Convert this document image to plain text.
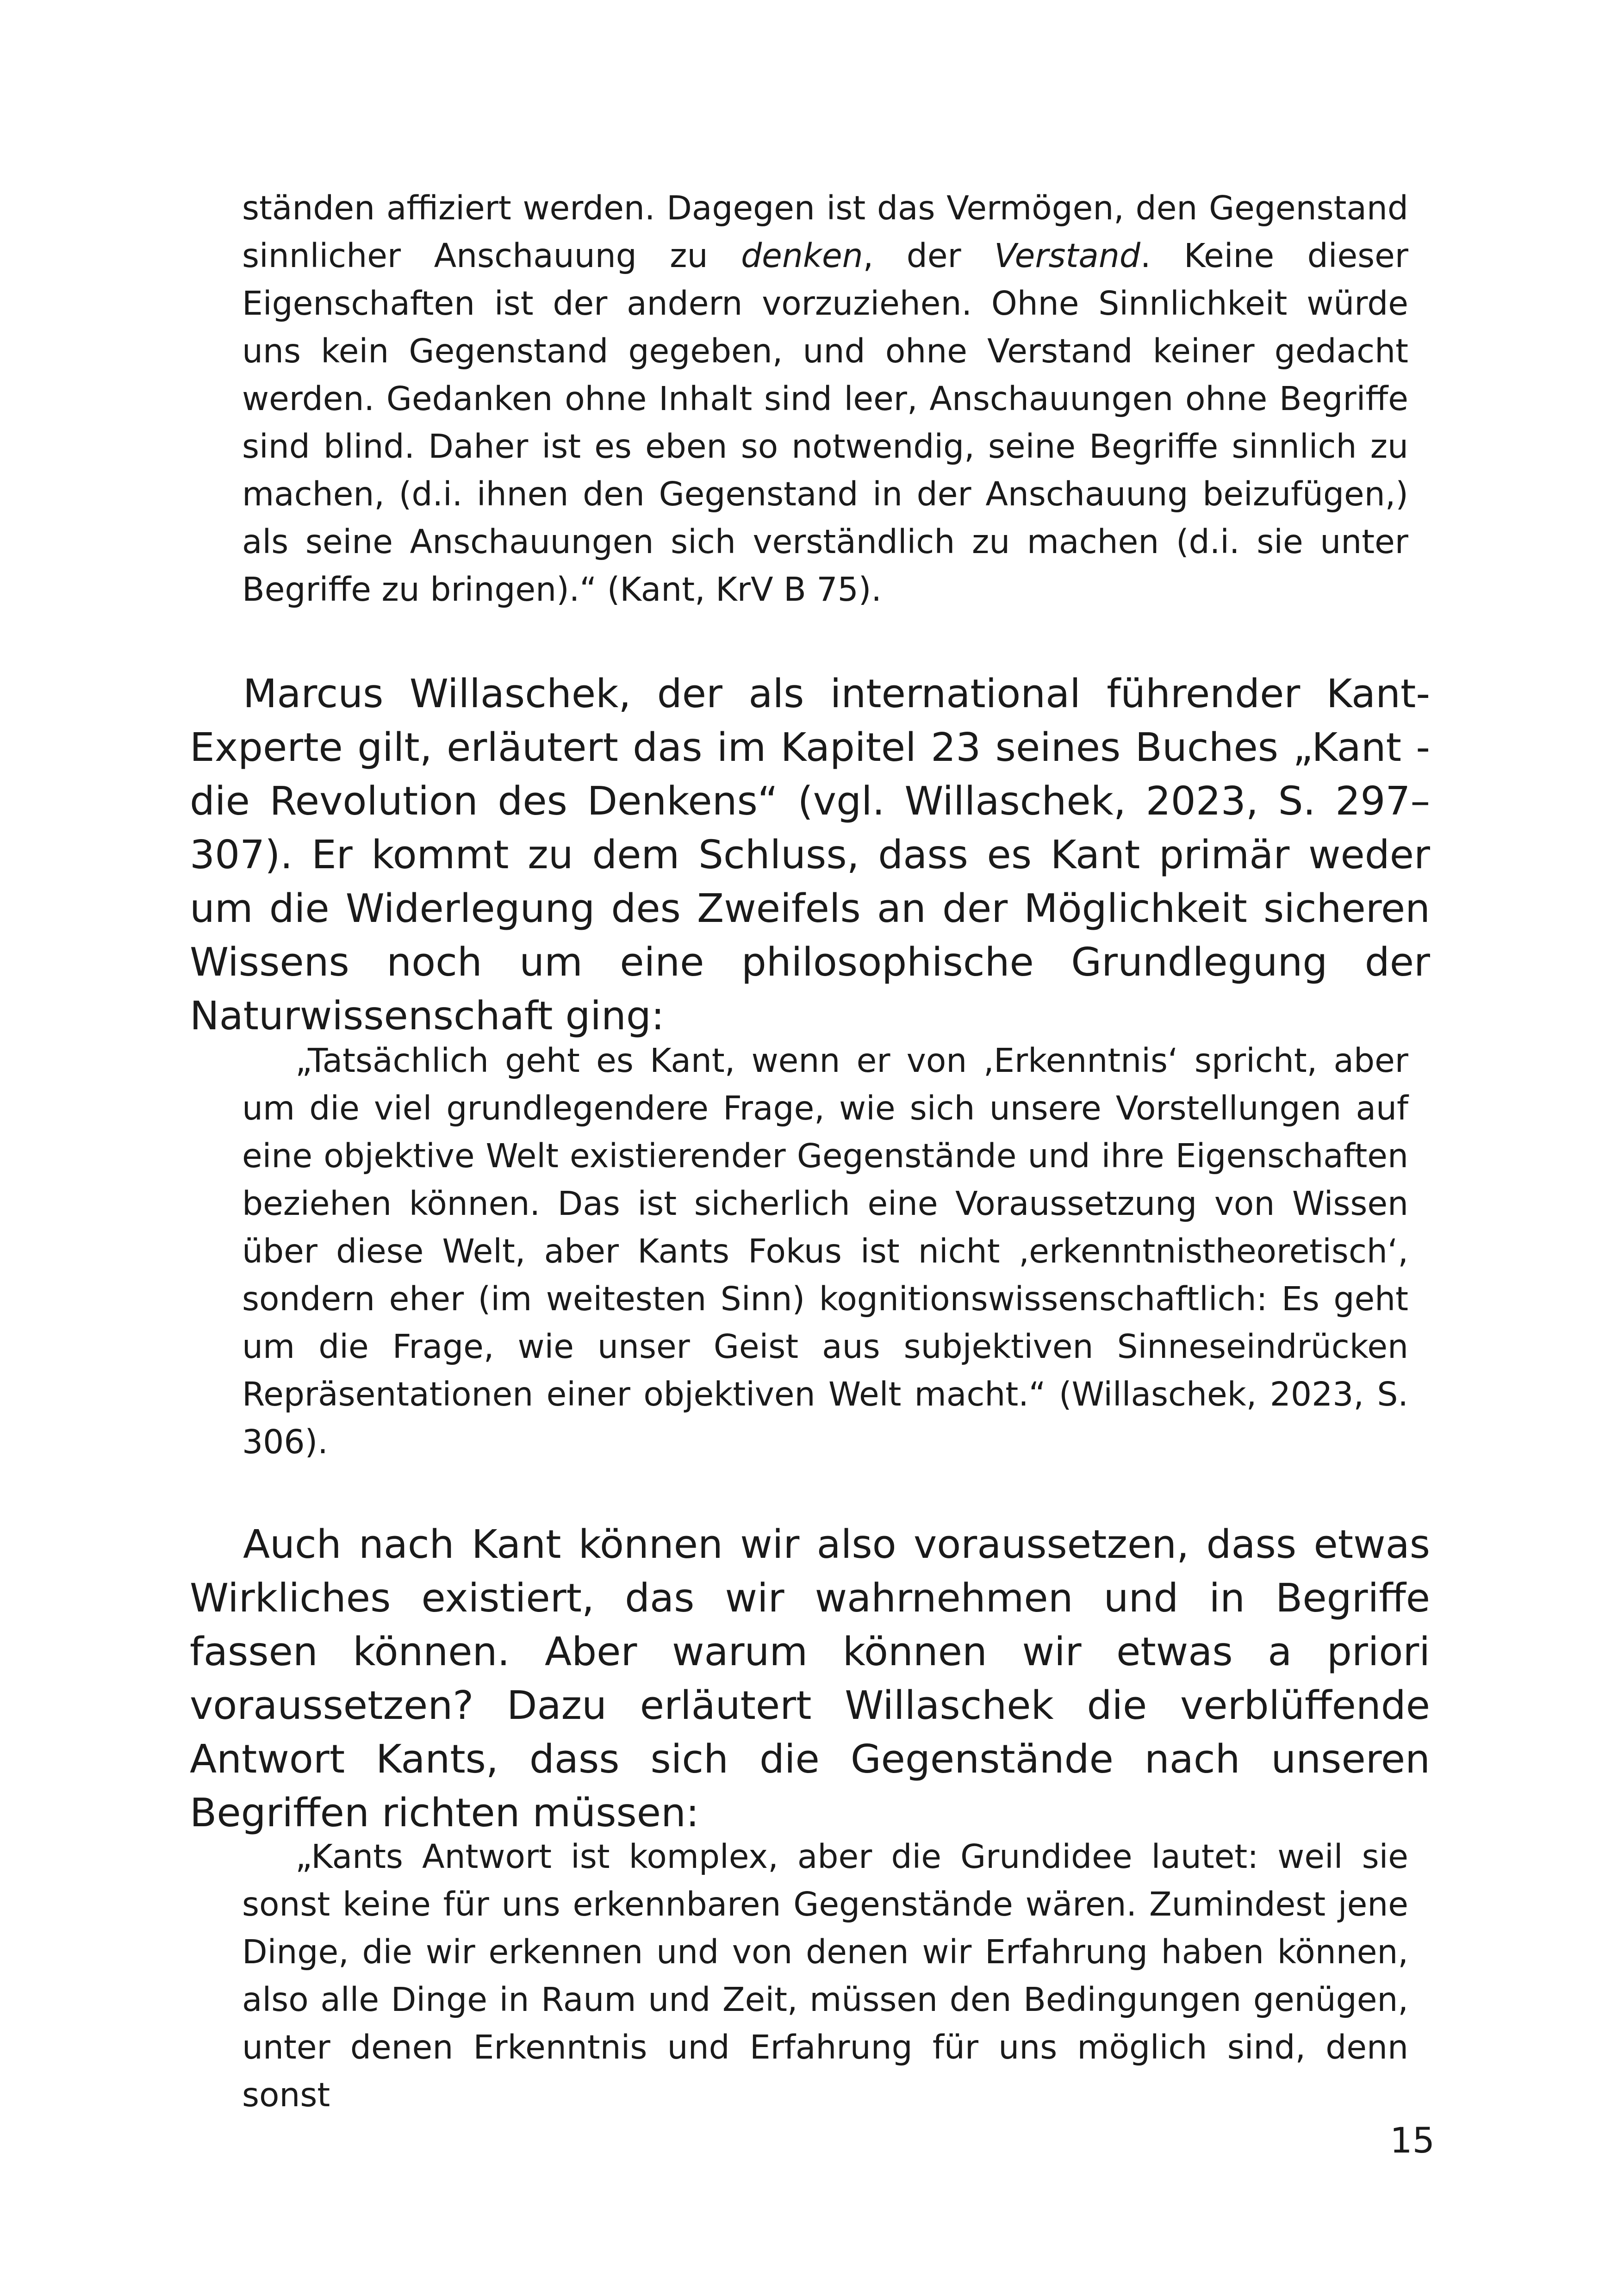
ständen affiziert werden. Dagegen ist das Vermögen, den Gegenstand sinnlicher Anschauung zu denken, der Verstand. Keine dieser Eigenschaften ist der andern vorzuziehen. Ohne Sinnlichkeit würde uns kein Gegenstand gegeben, und ohne Verstand keiner gedacht werden. Gedanken ohne Inhalt sind leer, Anschauungen ohne Begriffe sind blind. Daher ist es eben so notwendig, seine Begriffe sinnlich zu machen, (d.i. ihnen den Gegenstand in der Anschauung beizufügen,) als seine Anschauungen sich verständlich zu machen (d.i. sie unter Begriffe zu bringen).“ (Kant, KrV B 75).
Marcus Willaschek, der als international führender Kant-Experte gilt, erläutert das im Kapitel 23 seines Buches „Kant - die Revolution des Denkens“ (vgl. Willaschek, 2023, S. 297–307). Er kommt zu dem Schluss, dass es Kant primär weder um die Widerlegung des Zweifels an der Möglichkeit sicheren Wissens noch um eine philosophische Grundlegung der Naturwissenschaft ging:
„Tatsächlich geht es Kant, wenn er von ‚Erkenntnis‘ spricht, aber um die viel grundlegendere Frage, wie sich unsere Vorstellungen auf eine objektive Welt existierender Gegenstände und ihre Eigenschaften beziehen können. Das ist sicherlich eine Voraussetzung von Wissen über diese Welt, aber Kants Fokus ist nicht ‚erkenntnistheoretisch‘, sondern eher (im weitesten Sinn) kognitionswissenschaftlich: Es geht um die Frage, wie unser Geist aus subjektiven Sinneseindrücken Repräsentationen einer objektiven Welt macht.“ (Willaschek, 2023, S. 306).
Auch nach Kant können wir also voraussetzen, dass etwas Wirkliches existiert, das wir wahrnehmen und in Begriffe fassen können. Aber warum können wir etwas a priori voraussetzen? Dazu erläutert Willaschek die verblüffende Antwort Kants, dass sich die Gegenstände nach unseren Begriffen richten müssen:
„Kants Antwort ist komplex, aber die Grundidee lautet: weil sie sonst keine für uns erkennbaren Gegenstände wären. Zumindest jene Dinge, die wir erkennen und von denen wir Erfahrung haben können, also alle Dinge in Raum und Zeit, müssen den Bedingungen genügen, unter denen Erkenntnis und Erfahrung für uns möglich sind, denn sonst
15
